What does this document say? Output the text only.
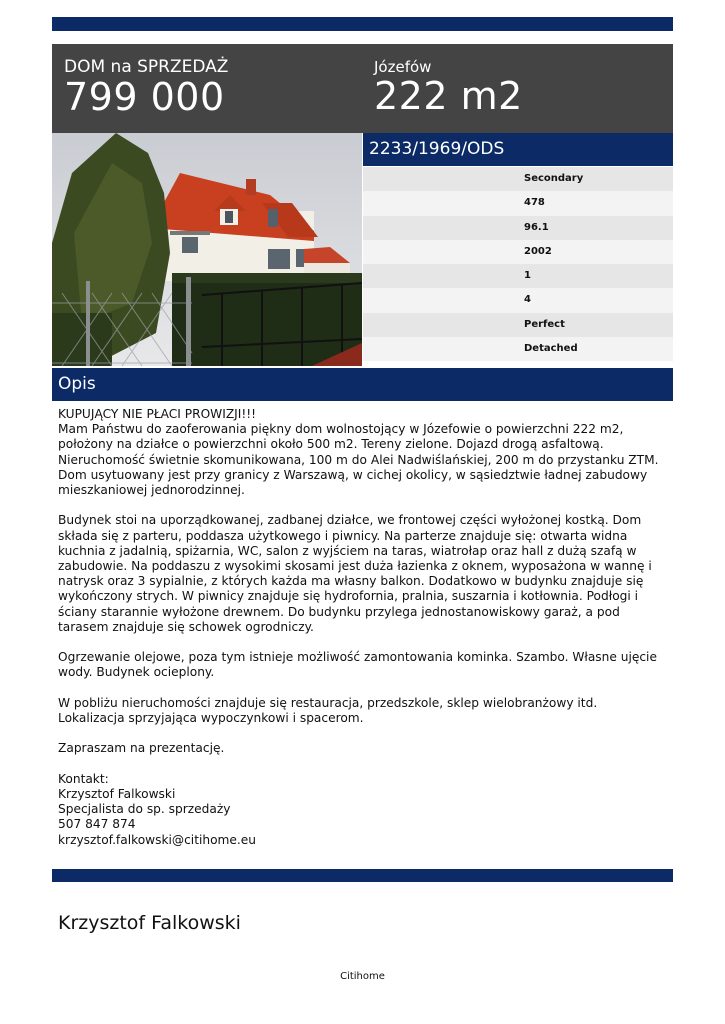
DOM na SPRZEDAŻ
799 000
Józefów
222 m2
2233/1969/ODS
Secondary
478
96.1
2002
1
4
Perfect
Detached
Opis
KUPUJĄCY NIE PŁACI PROWIZJI!!!
Mam Państwu do zaoferowania piękny dom wolnostojący w Józefowie o powierzchni 222 m2,
położony na działce o powierzchni około 500 m2. Tereny zielone. Dojazd drogą asfaltową.
Nieruchomość świetnie skomunikowana, 100 m do Alei Nadwiślańskiej, 200 m do przystanku ZTM.
Dom usytuowany jest przy granicy z Warszawą, w cichej okolicy, w sąsiedztwie ładnej zabudowy
mieszkaniowej jednorodzinnej.

Budynek stoi na uporządkowanej, zadbanej działce, we frontowej części wyłożonej kostką. Dom
składa się z parteru, poddasza użytkowego i piwnicy. Na parterze znajduje się: otwarta widna
kuchnia z jadalnią, spiżarnia, WC, salon z wyjściem na taras, wiatrołap oraz hall z dużą szafą w
zabudowie. Na poddaszu z wysokimi skosami jest duża łazienka z oknem, wyposażona w wannę i
natrysk oraz 3 sypialnie, z których każda ma własny balkon. Dodatkowo w budynku znajduje się
wykończony strych. W piwnicy znajduje się hydrofornia, pralnia, suszarnia i kotłownia. Podłogi i
ściany starannie wyłożone drewnem. Do budynku przylega jednostanowiskowy garaż, a pod
tarasem znajduje się schowek ogrodniczy.

Ogrzewanie olejowe, poza tym istnieje możliwość zamontowania kominka. Szambo. Własne ujęcie
wody. Budynek ocieplony.

W pobliżu nieruchomości znajduje się restauracja, przedszkole, sklep wielobranżowy itd.
Lokalizacja sprzyjająca wypoczynkowi i spacerom.

Zapraszam na prezentację.

Kontakt:
Krzysztof Falkowski
Specjalista do sp. sprzedaży
507 847 874
krzysztof.falkowski@citihome.eu
Krzysztof Falkowski
Citihome
